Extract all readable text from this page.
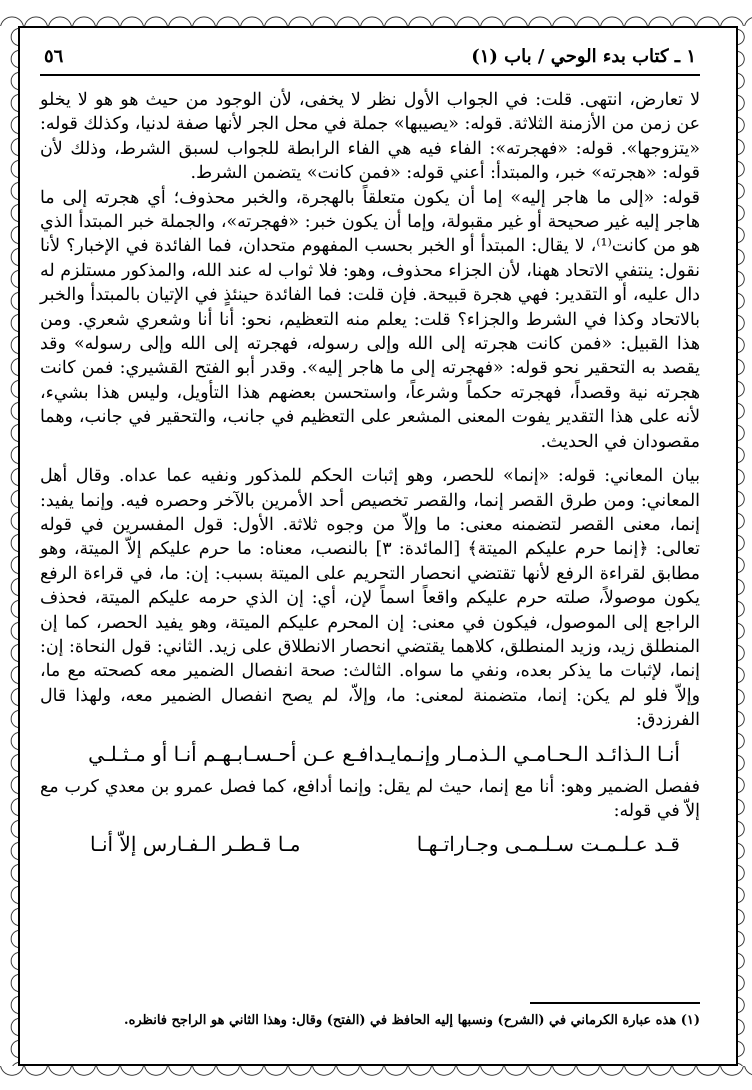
١ ـ كتاب بدء الوحي / باب (١)
٥٦

لا تعارض، انتهى. قلت: في الجواب الأول نظر لا يخفى، لأن الوجود من حيث هو هو لا يخلو عن زمن من الأزمنة الثلاثة. قوله: «يصيبها» جملة في محل الجر لأنها صفة لدنيا، وكذلك قوله: «يتزوجها». قوله: «فهجرته»: الفاء فيه هي الفاء الرابطة للجواب لسبق الشرط، وذلك لأن قوله: «هجرته» خبر، والمبتدأ: أعني قوله: «فمن كانت» يتضمن الشرط.

قوله: «إلى ما هاجر إليه» إما أن يكون متعلقاً بالهجرة، والخبر محذوف؛ أي هجرته إلى ما هاجر إليه غير صحيحة أو غير مقبولة، وإما أن يكون خبر: «فهجرته»، والجملة خبر المبتدأ الذي هو من كانت⁽¹⁾، لا يقال: المبتدأ أو الخبر بحسب المفهوم متحدان، فما الفائدة في الإخبار؟ لأنا نقول: ينتفي الاتحاد ههنا، لأن الجزاء محذوف، وهو: فلا ثواب له عند الله، والمذكور مستلزم له دال عليه، أو التقدير: فهي هجرة قبيحة. فإن قلت: فما الفائدة حينئذٍ في الإتيان بالمبتدأ والخبر بالاتحاد وكذا في الشرط والجزاء؟ قلت: يعلم منه التعظيم، نحو: أنا أنا وشعري شعري. ومن هذا القبيل: «فمن كانت هجرته إلى الله وإلى رسوله، فهجرته إلى الله وإلى رسوله» وقد يقصد به التحقير نحو قوله: «فهجرته إلى ما هاجر إليه». وقدر أبو الفتح القشيري: فمن كانت هجرته نية وقصداً، فهجرته حكماً وشرعاً، واستحسن بعضهم هذا التأويل، وليس هذا بشيء، لأنه على هذا التقدير يفوت المعنى المشعر على التعظيم في جانب، والتحقير في جانب، وهما مقصودان في الحديث.

بيان المعاني: قوله: «إنما» للحصر، وهو إثبات الحكم للمذكور ونفيه عما عداه. وقال أهل المعاني: ومن طرق القصر إنما، والقصر تخصيص أحد الأمرين بالآخر وحصره فيه. وإنما يفيد: إنما، معنى القصر لتضمنه معنى: ما وإلاّ من وجوه ثلاثة. الأول: قول المفسرين في قوله تعالى: ﴿إنما حرم عليكم الميتة﴾ [المائدة: ٣] بالنصب، معناه: ما حرم عليكم إلاّ الميتة، وهو مطابق لقراءة الرفع لأنها تقتضي انحصار التحريم على الميتة بسبب: إن: ما، في قراءة الرفع يكون موصولاً، صلته حرم عليكم واقعاً اسماً لإن، أي: إن الذي حرمه عليكم الميتة، فحذف الراجع إلى الموصول، فيكون في معنى: إن المحرم عليكم الميتة، وهو يفيد الحصر، كما إن المنطلق زيد، وزيد المنطلق، كلاهما يقتضي انحصار الانطلاق على زيد. الثاني: قول النحاة: إن: إنما، لإثبات ما يذكر بعده، ونفي ما سواه. الثالث: صحة انفصال الضمير معه كصحته مع ما، وإلاّ فلو لم يكن: إنما، متضمنة لمعنى: ما، وإلاّ، لم يصح انفصال الضمير معه، ولهذا قال الفرزدق:

أنـا الـذائـد الـحـامـي الـذمـار وإنـما
يـدافـع عـن أحـسـابـهـم أنـا أو مـثـلـي

ففصل الضمير وهو: أنا مع إنما، حيث لم يقل: وإنما أدافع، كما فصل عمرو بن معدي كرب مع إلاّ في قوله:

قـد عـلـمـت سـلـمـى وجـاراتـهـا
مـا قـطـر الـفـارس إلاّ أنـا
(١) هذه عبارة الكرماني في (الشرح) ونسبها إليه الحافظ في (الفتح) وقال: وهذا الثاني هو الراجح فانظره.
